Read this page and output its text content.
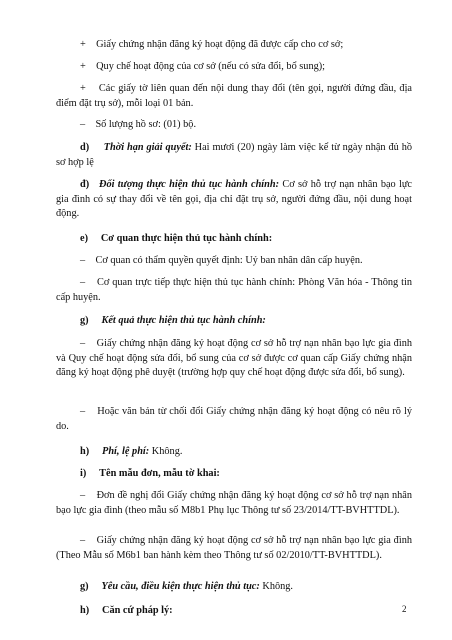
+ Giấy chứng nhận đăng ký hoạt động đã được cấp cho cơ sở;

+ Quy chế hoạt động của cơ sở (nếu có sửa đổi, bổ sung);

+ Các giấy tờ liên quan đến nội dung thay đổi (tên gọi, người đứng đầu, địa điểm đặt trụ sở), mỗi loại 01 bản.

– Số lượng hồ sơ: (01) bộ.

d) Thời hạn giải quyết: Hai mươi (20) ngày làm việc kể từ ngày nhận đủ hồ sơ hợp lệ

đ) Đối tượng thực hiện thủ tục hành chính: Cơ sở hỗ trợ nạn nhân bạo lực gia đình có sự thay đổi về tên gọi, địa chỉ đặt trụ sở, người đứng đầu, nội dung hoạt động.

e) Cơ quan thực hiện thủ tục hành chính:

– Cơ quan có thẩm quyền quyết định: Uỷ ban nhân dân cấp huyện.

– Cơ quan trực tiếp thực hiện thủ tục hành chính: Phòng Văn hóa - Thông tin cấp huyện.

g) Kết quả thực hiện thủ tục hành chính:

– Giấy chứng nhận đăng ký hoạt động cơ sở hỗ trợ nạn nhân bạo lực gia đình và Quy chế hoạt động sửa đổi, bổ sung của cơ sở được cơ quan cấp Giấy chứng nhận đăng ký hoạt động phê duyệt (trường hợp quy chế hoạt động được sửa đổi, bổ sung).

– Hoặc văn bản từ chối đổi Giấy chứng nhận đăng ký hoạt động có nêu rõ lý do.

h) Phí, lệ phí: Không.

i) Tên mẫu đơn, mẫu tờ khai:

– Đơn đề nghị đổi Giấy chứng nhận đăng ký hoạt động cơ sở hỗ trợ nạn nhân bạo lực gia đình (theo mẫu số M8b1 Phụ lục Thông tư số 23/2014/TT-BVHTTDL).

– Giấy chứng nhận đăng ký hoạt động cơ sở hỗ trợ nạn nhân bạo lực gia đình (Theo Mẫu số M6b1 ban hành kèm theo Thông tư số 02/2010/TT-BVHTTDL).

g) Yêu cầu, điều kiện thực hiện thủ tục: Không.

h) Căn cứ pháp lý:	2
